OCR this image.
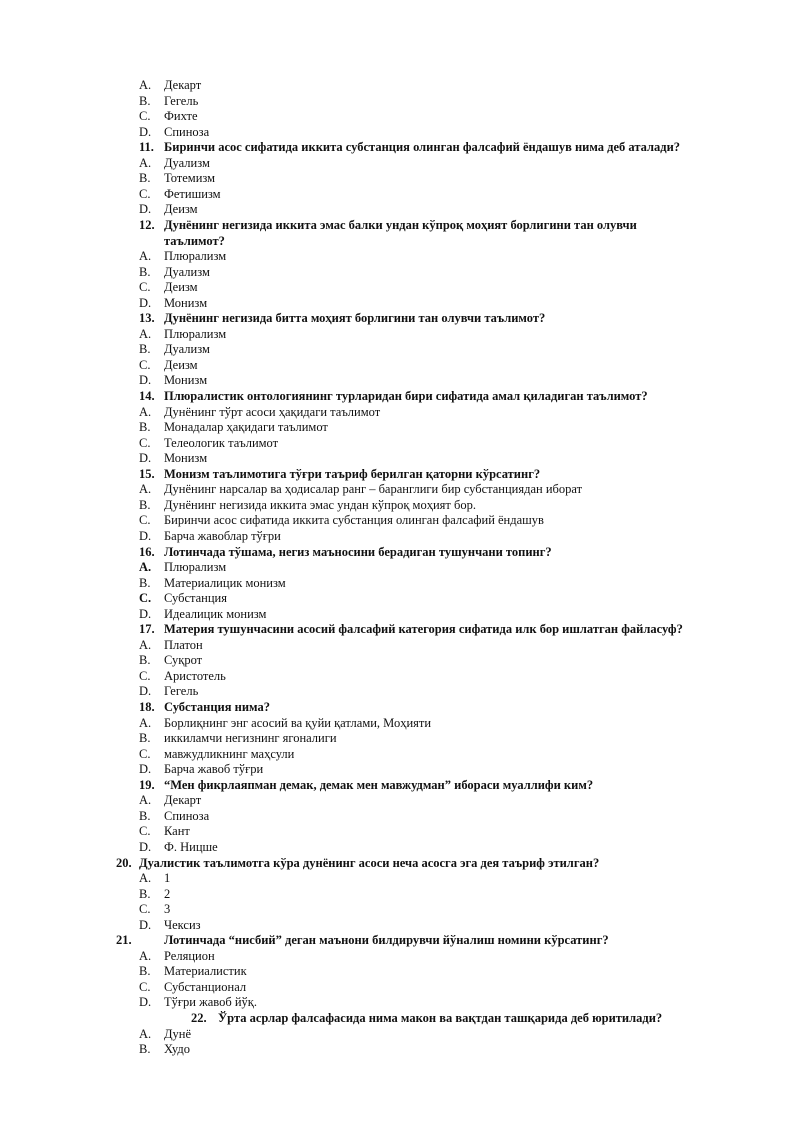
A. Декарт
B. Гегель
C. Фихте
D. Спиноза
11. Биринчи асос сифатида иккита субстанция олинган фалсафий ёндашув нима деб аталади?
A. Дуализм
B. Тотемизм
C. Фетишизм
D. Деизм
12. Дунёнинг негизида иккита эмас балки ундан кўпроқ моҳият борлигини тан олувчи
таълимот?
A. Плюрализм
B. Дуализм
C. Деизм
D. Монизм
13. Дунёнинг негизида битта моҳият борлигини тан олувчи таълимот?
A. Плюрализм
B. Дуализм
C. Деизм
D. Монизм
14. Плюралистик онтологиянинг турларидан бири сифатида амал қиладиган таълимот?
A. Дунёнинг тўрт асоси ҳақидаги таълимот
B. Монадалар ҳақидаги таълимот
C. Телеологик таълимот
D. Монизм
15. Монизм таълимотига тўғри таъриф берилган қаторни кўрсатинг?
A. Дунёнинг нарсалар ва ҳодисалар ранг – баранглиги бир субстанциядан иборат
B. Дунёнинг негизида иккита эмас ундан кўпроқ моҳият бор.
C. Биринчи асос сифатида иккита субстанция олинган фалсафий ёндашув
D. Барча жавоблар тўғри
16. Лотинчада тўшама, негиз маъносини берадиган тушунчани топинг?
A. Плюрализм
B. Материалицик монизм
C. Субстанция
D. Идеалицик монизм
17. Материя тушунчасини асосий фалсафий категория сифатида илк бор ишлатган файласуф?
A. Платон
B. Суқрот
C. Аристотель
D. Гегель
18. Субстанция нима?
A. Борлиқнинг энг асосий ва қуйи қатлами, Моҳияти
B. иккиламчи негизнинг ягоналиги
C. мавжудликнинг маҳсули
D. Барча жавоб тўғри
19. “Мен фикрлаяпман демак, демак мен мавжудман” ибораси муаллифи ким?
A. Декарт
B. Спиноза
C. Кант
D. Ф. Ницше
20. Дуалистик таълимотга кўра дунёнинг асоси неча асосга эга дея таъриф этилган?
A. 1
B. 2
C. 3
D. Чексиз
21.	Лотинчада “нисбий” деган маънони билдирувчи йўналиш номини кўрсатинг?
A. Реляцион
B. Материалистик
C. Субстанционал
D. Тўғри жавоб йўқ.
22. Ўрта асрлар фалсафасида нима макон ва вақтдан ташқарида деб юритилади?
A. Дунё
B. Худо
